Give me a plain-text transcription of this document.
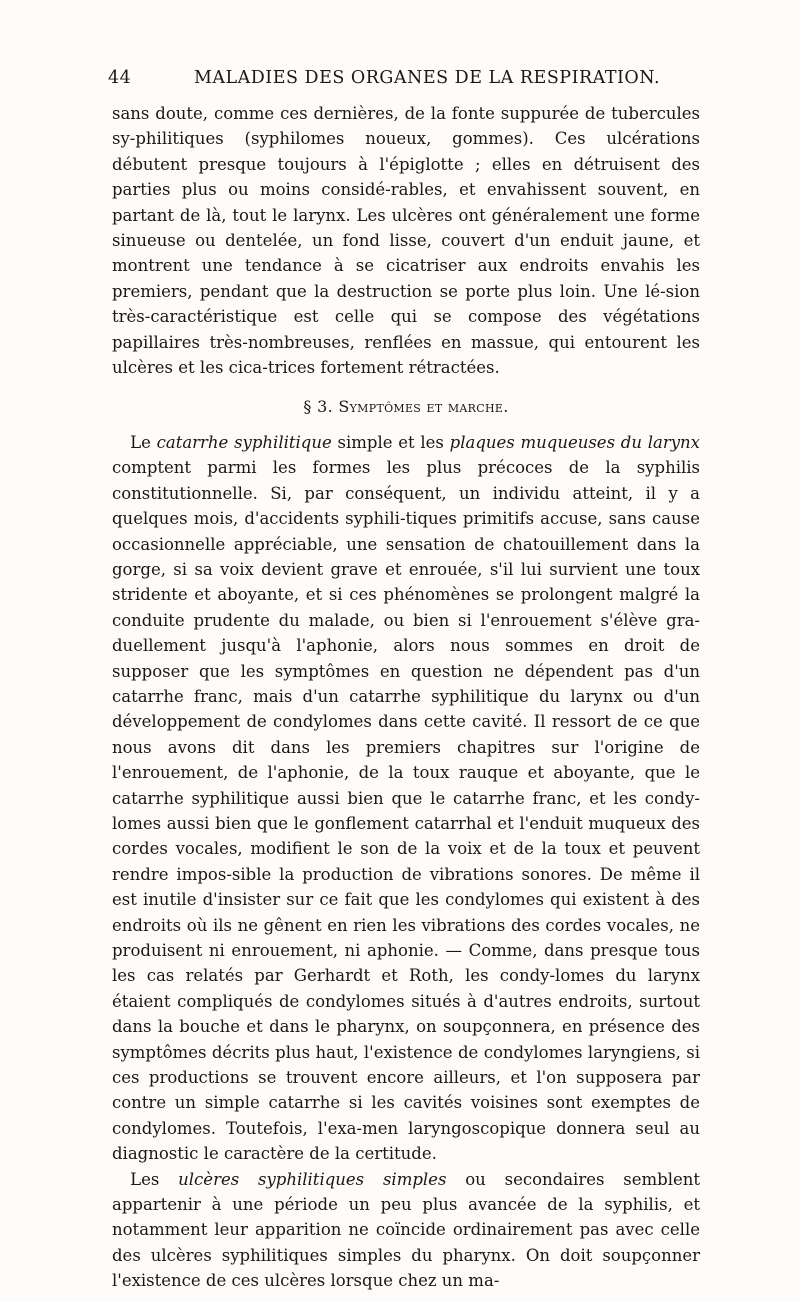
44	MALADIES DES ORGANES DE LA RESPIRATION.

sans doute, comme ces dernières, de la fonte suppurée de tubercules sy-philitiques (syphilomes noueux, gommes). Ces ulcérations débutent presque toujours à l'épiglotte ; elles en détruisent des parties plus ou moins considé-rables, et envahissent souvent, en partant de là, tout le larynx. Les ulcères ont généralement une forme sinueuse ou dentelée, un fond lisse, couvert d'un enduit jaune, et montrent une tendance à se cicatriser aux endroits envahis les premiers, pendant que la destruction se porte plus loin. Une lé-sion très-caractéristique est celle qui se compose des végétations papillaires très-nombreuses, renflées en massue, qui entourent les ulcères et les cica-trices fortement rétractées.

§ 3. Symptômes et marche.

Le catarrhe syphilitique simple et les plaques muqueuses du larynx comptent parmi les formes les plus précoces de la syphilis constitutionnelle. Si, par conséquent, un individu atteint, il y a quelques mois, d'accidents syphili-tiques primitifs accuse, sans cause occasionnelle appréciable, une sensation de chatouillement dans la gorge, si sa voix devient grave et enrouée, s'il lui survient une toux stridente et aboyante, et si ces phénomènes se prolongent malgré la conduite prudente du malade, ou bien si l'enrouement s'élève gra-duellement jusqu'à l'aphonie, alors nous sommes en droit de supposer que les symptômes en question ne dépendent pas d'un catarrhe franc, mais d'un catarrhe syphilitique du larynx ou d'un développement de condylomes dans cette cavité. Il ressort de ce que nous avons dit dans les premiers chapitres sur l'origine de l'enrouement, de l'aphonie, de la toux rauque et aboyante, que le catarrhe syphilitique aussi bien que le catarrhe franc, et les condy-lomes aussi bien que le gonflement catarrhal et l'enduit muqueux des cordes vocales, modifient le son de la voix et de la toux et peuvent rendre impos-sible la production de vibrations sonores. De même il est inutile d'insister sur ce fait que les condylomes qui existent à des endroits où ils ne gênent en rien les vibrations des cordes vocales, ne produisent ni enrouement, ni aphonie. — Comme, dans presque tous les cas relatés par Gerhardt et Roth, les condy-lomes du larynx étaient compliqués de condylomes situés à d'autres endroits, surtout dans la bouche et dans le pharynx, on soupçonnera, en présence des symptômes décrits plus haut, l'existence de condylomes laryngiens, si ces productions se trouvent encore ailleurs, et l'on supposera par contre un simple catarrhe si les cavités voisines sont exemptes de condylomes. Toutefois, l'exa-men laryngoscopique donnera seul au diagnostic le caractère de la certitude.

Les ulcères syphilitiques simples ou secondaires semblent appartenir à une période un peu plus avancée de la syphilis, et notamment leur apparition ne coïncide ordinairement pas avec celle des ulcères syphilitiques simples du pharynx. On doit soupçonner l'existence de ces ulcères lorsque chez un ma-
